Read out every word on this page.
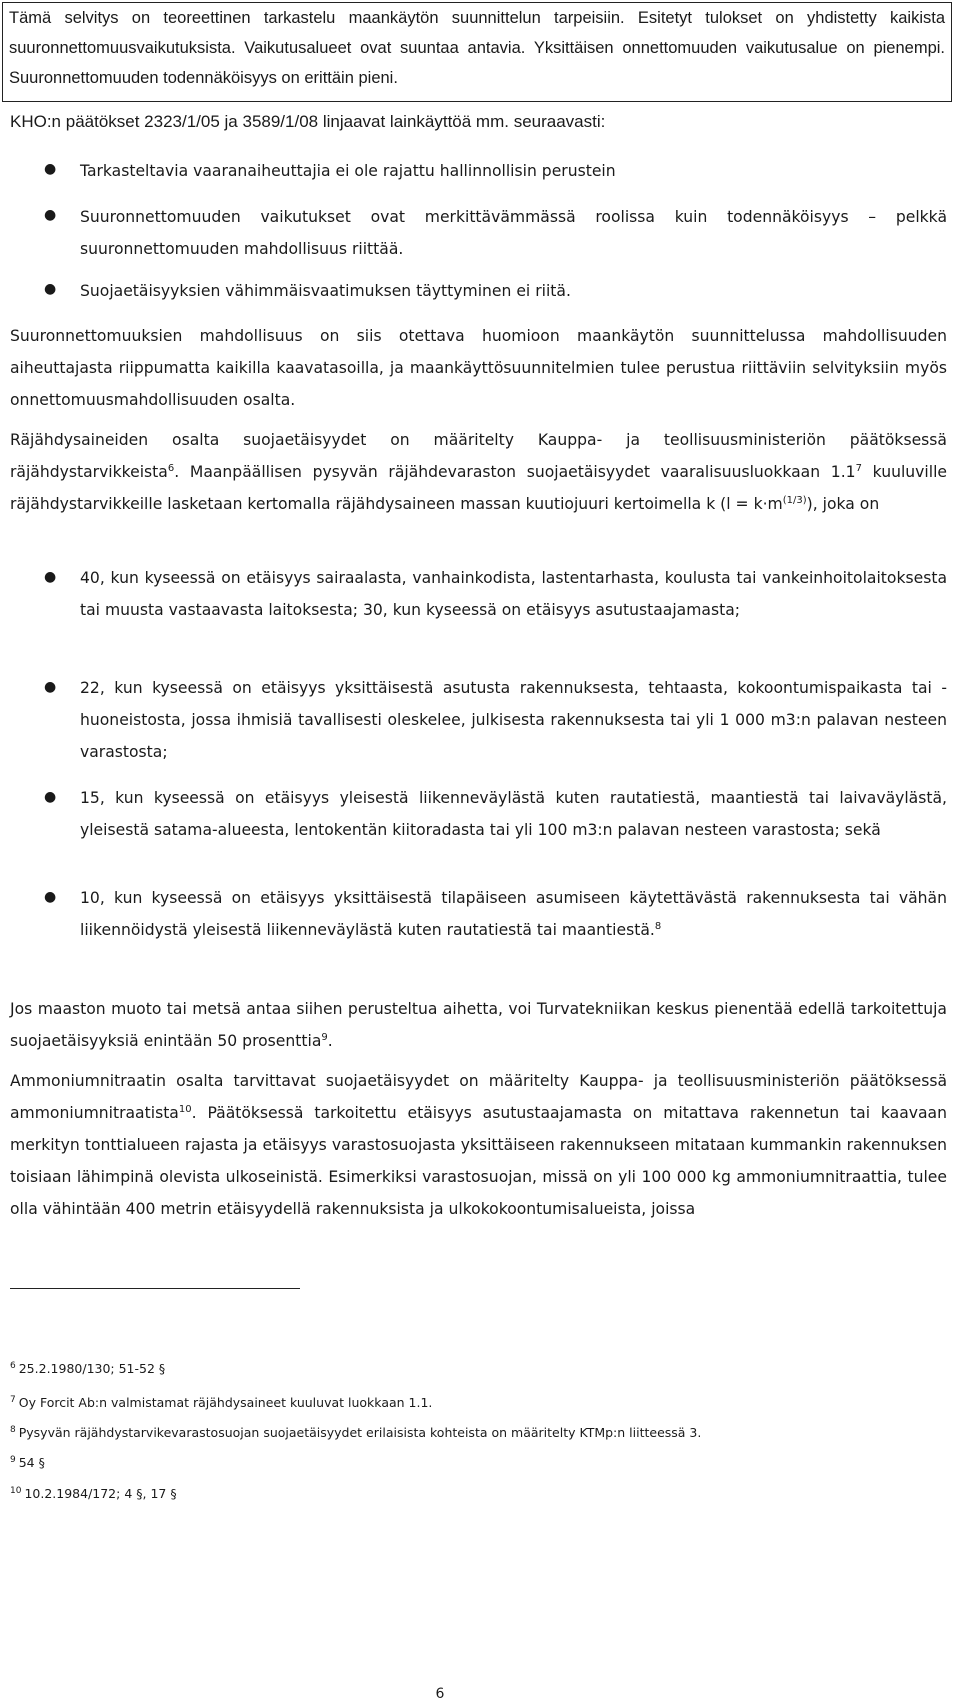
Tämä selvitys on teoreettinen tarkastelu maankäytön suunnittelun tarpeisiin. Esitetyt tulokset on yhdistetty kaikista suuronnettomuusvaikutuksista. Vaikutusalueet ovat suuntaa antavia. Yksittäisen onnettomuuden vaikutusalue on pienempi. Suuronnettomuuden todennäköisyys on erittäin pieni.

KHO:n päätökset 2323/1/05 ja 3589/1/08 linjaavat lainkäyttöä mm. seuraavasti:
● Tarkasteltavia vaaranaiheuttajia ei ole rajattu hallinnollisin perustein

● Suuronnettomuuden vaikutukset ovat merkittävämmässä roolissa kuin todennäköisyys – pelkkä suuronnettomuuden mahdollisuus riittää.

● Suojaetäisyyksien vähimmäisvaatimuksen täyttyminen ei riitä.

Suuronnettomuuksien mahdollisuus on siis otettava huomioon maankäytön suunnittelussa mahdollisuuden aiheuttajasta riippumatta kaikilla kaavatasoilla, ja maankäyttösuunnitelmien tulee perustua riittäviin selvityksiin myös onnettomuusmahdollisuuden osalta.

Räjähdysaineiden osalta suojaetäisyydet on määritelty Kauppa- ja teollisuusministeriön päätöksessä räjähdystarvikkeista$^6$. Maanpäällisen pysyvän räjähdevaraston suojaetäisyydet vaaralisuusluokkaan $1.1^7$ kuuluville räjähdystarvikkeille lasketaan kertomalla räjähdysaineen massan kuutiojuuri kertoimella k $(l = k\cdot m^{(1/3)})$, joka on

● 40, kun kyseessä on etäisyys sairaalasta, vanhainkodista, lastentarhasta, koulusta tai vankeinhoitolaitoksesta tai muusta vastaavasta laitoksesta; 30, kun kyseessä on etäisyys asutustaajamasta;

● 22, kun kyseessä on etäisyys yksittäisestä asutusta rakennuksesta, tehtaasta, kokoontumispaikasta tai -huoneistosta, jossa ihmisiä tavallisesti oleskelee, julkisesta rakennuksesta tai yli 1 000 m3:n palavan nesteen varastosta;

● 15, kun kyseessä on etäisyys yleisestä liikenneväylästä kuten rautatiestä, maantiestä tai laivaväylästä, yleisestä satama-alueesta, lentokentän kiitoradasta tai yli 100 m3:n palavan nesteen varastosta; sekä

● 10, kun kyseessä on etäisyys yksittäisestä tilapäiseen asumiseen käytettävästä rakennuksesta tai vähän liikennöidystä yleisestä liikenneväylästä kuten rautatiestä tai maantiestä.$^8$

Jos maaston muoto tai metsä antaa siihen perusteltua aihetta, voi Turvatekniikan keskus pienentää edellä tarkoitettuja suojaetäisyyksiä enintään 50 prosenttia$^9$.

Ammoniumnitraatin osalta tarvittavat suojaetäisyydet on määritelty Kauppa- ja teollisuusministeriön päätöksessä ammoniumnitraatista$^{10}$. Päätöksessä tarkoitettu etäisyys asutustaajamasta on mitattava rakennetun tai kaavaan merkityn tonttialueen rajasta ja etäisyys varastosuojasta yksittäiseen rakennukseen mitataan kummankin rakennuksen toisiaan lähimpinä olevista ulkoseinistä. Esimerkiksi varastosuojan, missä on yli 100 000 kg ammoniumnitraattia, tulee olla vähintään 400 metrin etäisyydellä rakennuksista ja ulkokokoontumisalueista, joissa

$^6$ 25.2.1980/130; 51-52 §
$^7$ Oy Forcit Ab:n valmistamat räjähdysaineet kuuluvat luokkaan 1.1.
$^8$ Pysyvän räjähdystarvikevarastosuojan suojaetäisyydet erilaisista kohteista on määritelty KTMp:n liitteessä 3.
$^9$ 54 §
$^{10}$ 10.2.1984/172; 4 §, 17 §
6
